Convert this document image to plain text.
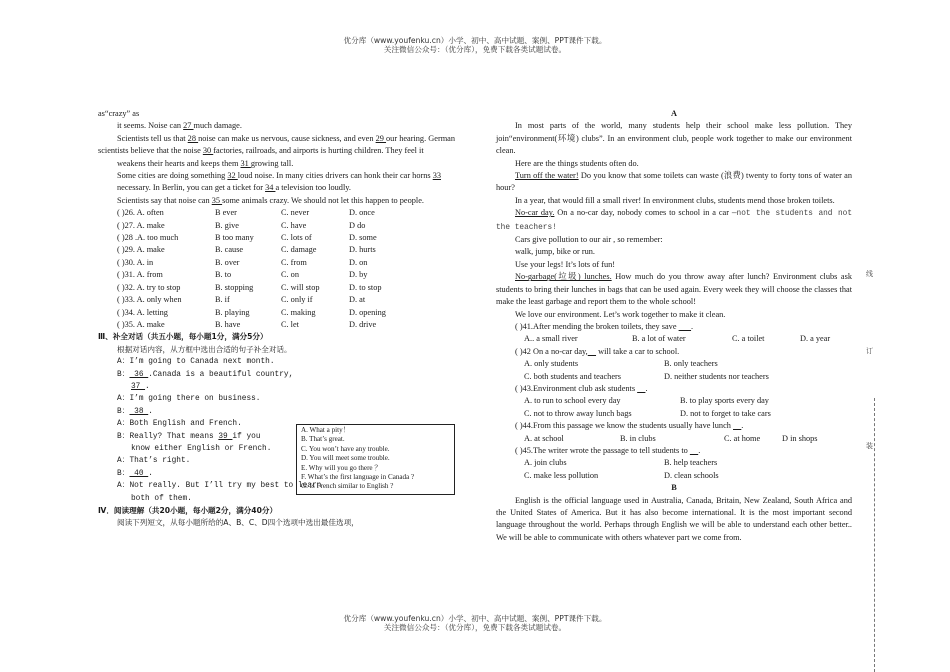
优分库（www.youfenku.cn）小学、初中、高中试题、案例、PPT课件下载。
关注微信公众号：（优分库），免费下载各类试题试卷。

as“crazy” as

it seems. Noise can 27 much damage.

Scientists tell us that 28 noise can make us nervous, cause sickness, and even 29 our hearing. German scientists believe that the noise 30 factories, railroads, and airports is hurting children. They feel it

weakens their hearts and keeps them 31 growing tall.

Some cities are doing something 32 loud noise. In many cities drivers can honk their car horns 33

necessary. In Berlin, you can get a ticket for 34 a television too loudly.

Scientists say that noise can 35 some animals crazy. We should not let this happen to people.

( )26. A. often	B ever	C. never	D. once
( )27. A. make	B. give	C. have	D do
( )28 .A. too much	B too many	C. lots of	D. some
( )29. A. make	B. cause	C. damage	D. hurts
( )30. A. in	B. over	C. from	D. on
( )31. A. from	B. to	C. on	D. by
( )32. A. try to stop	B. stopping	C. will stop	D. to stop
( )33. A. only when	B. if	C. only if	D. at
( )34. A. letting	B. playing	C. making	D. opening
( )35. A. make	B. have	C. let	D. drive
Ⅲ、补全对话（共五小题，每小题1分，满分5分）
根据对话内容，从方框中选出合适的句子补全对话。
A：I’m going to Canada next month.
B： 36 .Canada is a beautiful country,
37 .
A：I’m going there on business.
B： 38 .
A：Both English and French.
B：Really? That means 39 if you
know either English or French.
A：That’s right.
B： 40 .
A：Not really. But I’ll try my best to learn
both of them.
Ⅳ．阅读理解（共20小题，每小题2分，满分40分）
阅读下列短文，从每小题所给的A、B、C、D四个选项中选出最佳选项，
A. What a pity！
B. That’s great.
C. You won’t have any trouble.
D. You will meet some trouble.
E. Why will you go there ？
F. What’s the first language in Canada ?
G. Is French similar to English ?
A

In most parts of the world, many students help their school make less pollution. They join“environment(环境) clubs”. In an environment club, people work together to make our environment clean.

Here are the things students often do.

Turn off the water! Do you know that some toilets can waste (浪费) twenty to forty tons of water an hour?

In a year, that would fill a small river! In environment clubs, students mend those broken toilets.

No-car day. On a no-car day, nobody comes to school in a car —not the students and not the teachers!

Cars give pollution to our air , so remember:

walk, jump, bike or run.

Use your legs! It’s lots of fun!

No-garbage(垃圾) lunches. How much do you throw away after lunch? Environment clubs ask students to bring their lunches in bags that can be used again. Every week they will choose the classes that make the least garbage and report them to the whole school!

We love our environment. Let’s work together to make it clean.

( )41.After mending the broken toilets, they save .
A.. a small river	B. a lot of water	C. a toilet	D. a year
( )42 On a no-car day,     will take a car to school.
A. only students	B. only teachers
C. both students and teachers	D. neither students nor teachers
( )43.Environment club ask students .
A. to run to school every day	B. to play sports every day
C. not to throw away lunch bags	D. not to forget to take cars
( )44.From this passage we know the students usually have lunch .
A. at school	B. in clubs	C. at home	D in shops
( )45.The writer wrote the passage to tell students to .
A. join clubs	B. help teachers
C. make less pollution	D. clean schools
B

English is the official language used in Australia, Canada, Britain, New Zealand, South Africa and the United States of America. But it has also become international. It is the most important second language throughout the world. Perhaps through English we will be able to understand each other better.. We will be able to communicate with others whatever part we come from.

线
订
装
优分库（www.youfenku.cn）小学、初中、高中试题、案例、PPT课件下载。
关注微信公众号：（优分库），免费下载各类试题试卷。
